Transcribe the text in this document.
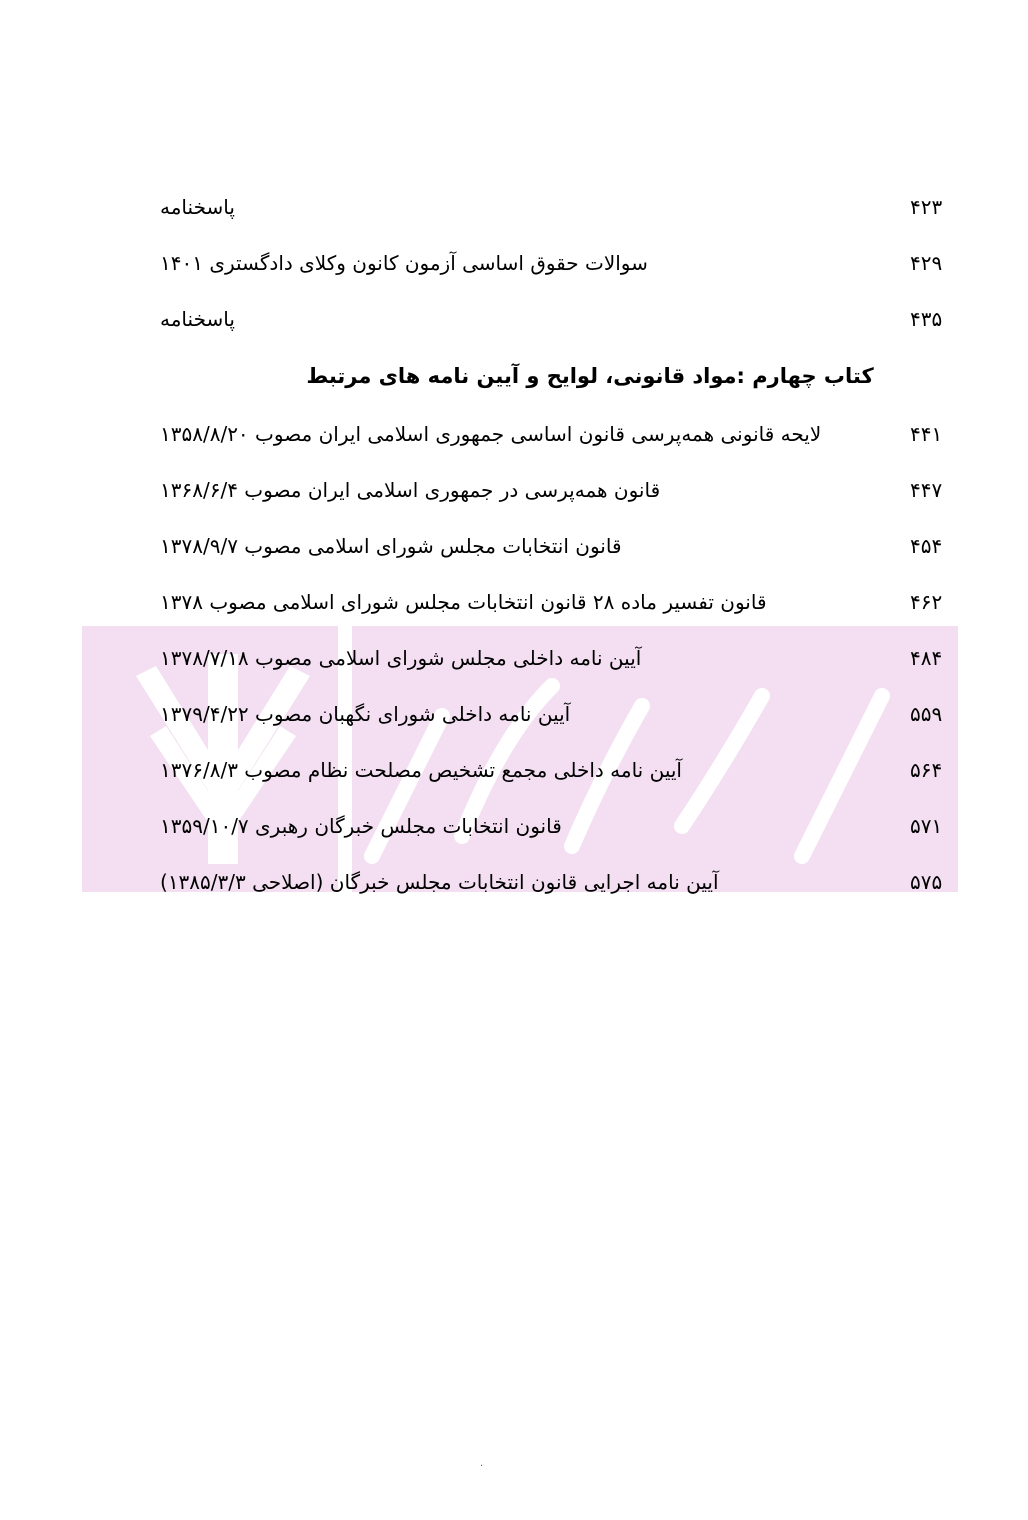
پاسخنامه	۴۲۳
سوالات حقوق اساسی آزمون کانون وکلای دادگستری ۱۴۰۱	۴۲۹
پاسخنامه	۴۳۵
کتاب چهارم :مواد قانونی، لوایح و آیین نامه های مرتبط
لایحه قانونی همه‌پرسی قانون اساسی جمهوری اسلامی ایران مصوب ۱۳۵۸/۸/۲۰	۴۴۱
قانون همه‌پرسی در جمهوری اسلامی ایران مصوب ۱۳۶۸/۶/۴	۴۴۷
قانون انتخابات مجلس شورای اسلامی مصوب ۱۳۷۸/۹/۷	۴۵۴
قانون تفسیر ماده ۲۸ قانون انتخابات مجلس شورای اسلامی مصوب ۱۳۷۸	۴۶۲
آیین نامه داخلی مجلس شورای اسلامی مصوب ۱۳۷۸/۷/۱۸	۴۸۴
آیین نامه داخلی شورای نگهبان مصوب ۱۳۷۹/۴/۲۲	۵۵۹
آیین نامه داخلی مجمع تشخیص مصلحت نظام مصوب ۱۳۷۶/۸/۳	۵۶۴
قانون انتخابات مجلس خبرگان رهبری ۱۳۵۹/۱۰/۷	۵۷۱
آیین نامه اجرایی قانون انتخابات مجلس خبرگان (اصلاحی ۱۳۸۵/۳/۳)	۵۷۵
.
